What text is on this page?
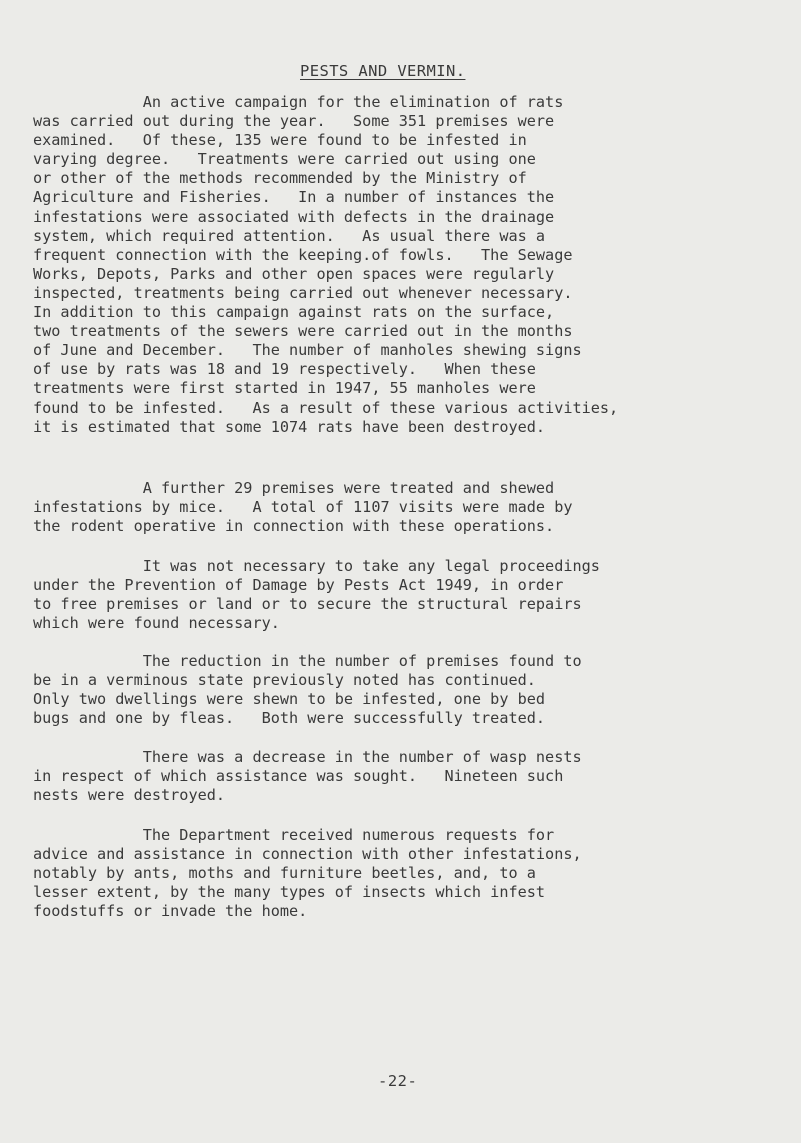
PESTS AND VERMIN.
An active campaign for the elimination of rats
was carried out during the year.   Some 351 premises were
examined.   Of these, 135 were found to be infested in
varying degree.   Treatments were carried out using one
or other of the methods recommended by the Ministry of
Agriculture and Fisheries.   In a number of instances the
infestations were associated with defects in the drainage
system, which required attention.   As usual there was a
frequent connection with the keeping.of fowls.   The Sewage
Works, Depots, Parks and other open spaces were regularly
inspected, treatments being carried out whenever necessary.
In addition to this campaign against rats on the surface,
two treatments of the sewers were carried out in the months
of June and December.   The number of manholes shewing signs
of use by rats was 18 and 19 respectively.   When these
treatments were first started in 1947, 55 manholes were
found to be infested.   As a result of these various activities,
it is estimated that some 1074 rats have been destroyed.
A further 29 premises were treated and shewed
infestations by mice.   A total of 1107 visits were made by
the rodent operative in connection with these operations.
It was not necessary to take any legal proceedings
under the Prevention of Damage by Pests Act 1949, in order
to free premises or land or to secure the structural repairs
which were found necessary.
The reduction in the number of premises found to
be in a verminous state previously noted has continued.
Only two dwellings were shewn to be infested, one by bed
bugs and one by fleas.   Both were successfully treated.
There was a decrease in the number of wasp nests
in respect of which assistance was sought.   Nineteen such
nests were destroyed.
The Department received numerous requests for
advice and assistance in connection with other infestations,
notably by ants, moths and furniture beetles, and, to a
lesser extent, by the many types of insects which infest
foodstuffs or invade the home.
-22-
